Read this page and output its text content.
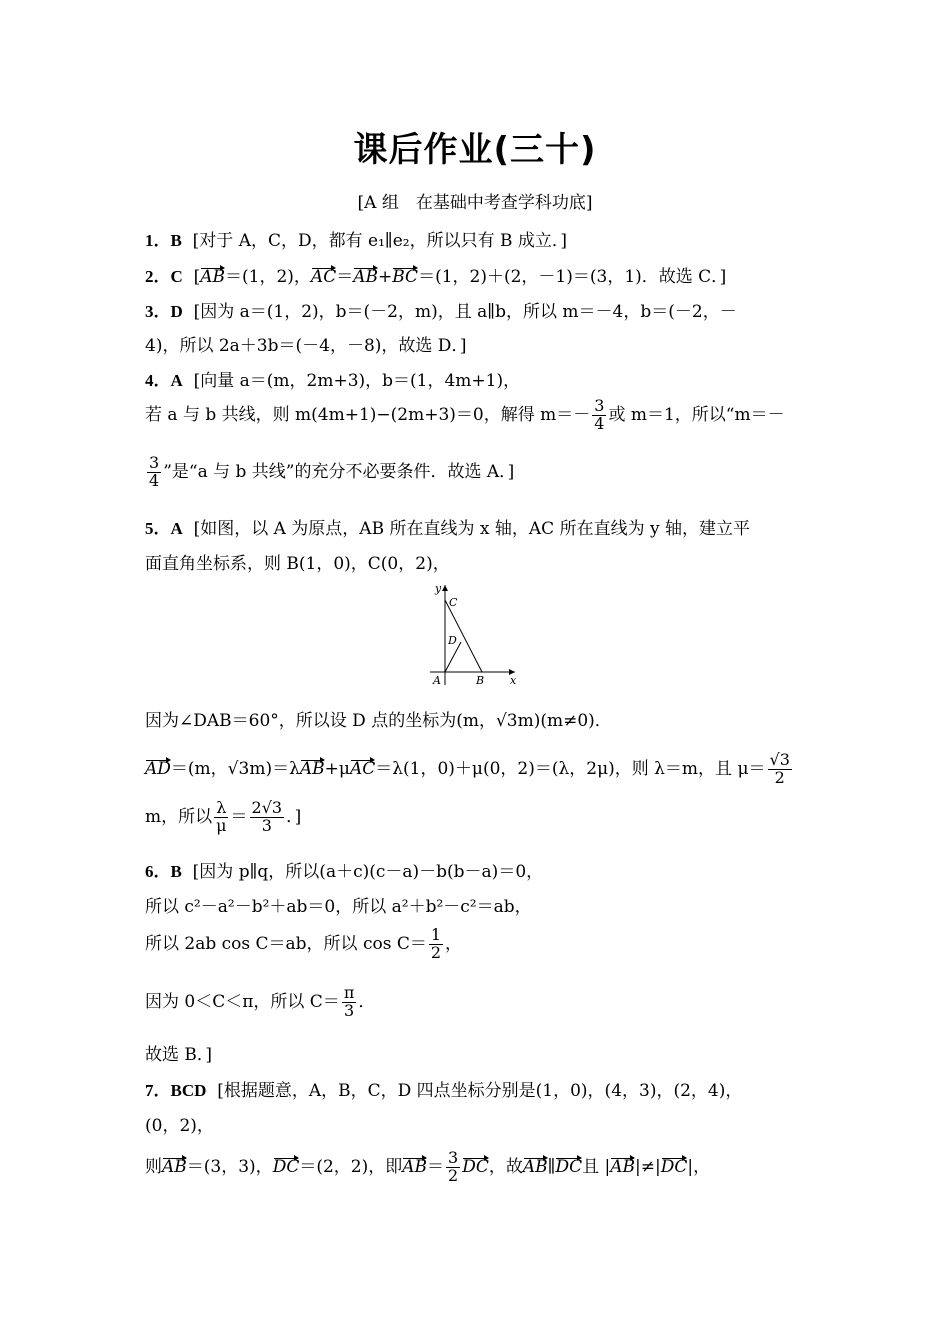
课后作业(三十)
[A 组　在基础中考查学科功底]
1．B [对于 A，C，D，都有 e₁∥e₂，所以只有 B 成立．]
2．C [AB＝(1，2)，AC＝AB+BC＝(1，2)＋(2，－1)＝(3，1)．故选 C．]
3．D [因为 a＝(1，2)，b＝(－2，m)，且 a∥b，所以 m＝－4，b＝(－2，－
4)，所以 2a＋3b＝(－4，－8)，故选 D．]
4．A [向量 a＝(m，2m+3)，b＝(1，4m+1)，
若 a 与 b 共线，则 m(4m+1)−(2m+3)＝0，解得 $m=- \frac{3}{4}$ 或 m＝1，所以“m＝－
$\frac{3}{4}$ ”是“a 与 b 共线”的充分不必要条件．故选 A．]
5．A [如图，以 A 为原点，AB 所在直线为 x 轴，AC 所在直线为 y 轴，建立平
面直角坐标系，则 B(1，0)，C(0，2)，
y
x
A	B
C
D
因为∠DAB＝60°，所以设 D 点的坐标为(m，√3m)(m≠0)．
AD＝(m，√3m)＝λAB+μAC＝λ(1，0)＋μ(0，2)＝(λ，2μ)，则 λ＝m，且 $\mu= \frac{√3}{2}$
m，所以 $\frac{\lambda}{\mu} = \frac{2√3}{3}$ ．]
6．B [因为 p∥q，所以(a＋c)(c－a)－b(b－a)＝0，
所以 c²－a²－b²＋ab＝0，所以 a²＋b²－c²＝ab，
所以 2ab cos C＝ab，所以 $\cos C= \frac{1}{2}$ ，
因为 0＜C＜π，所以 $C= \frac{\pi}{3}$ ．
故选 B．]
7．BCD [根据题意，A，B，C，D 四点坐标分别是(1，0)，(4，3)，(2，4)，
(0，2)，
则AB＝(3，3)，DC＝(2，2)，即$AB= \frac{3}{2}$ DC，故AB∥DC且 |AB|≠|DC|，
